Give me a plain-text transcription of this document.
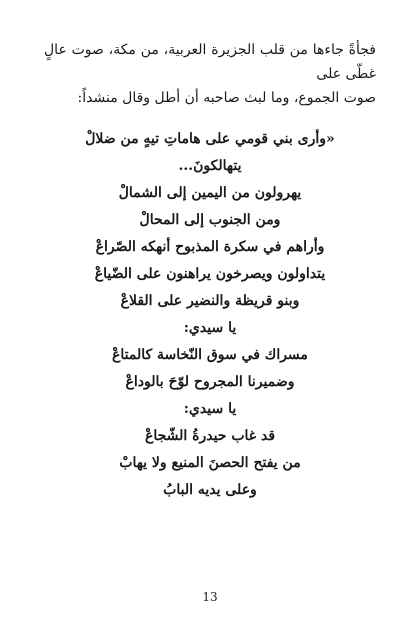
فجأةً جاءها من قلب الجزيرة العربية، من مكة، صوت عالٍ غطّى على

صوت الجموع، وما لبث صاحبه أن أطل وقال منشداً:

«وأرى بني قومي على هاماتِ تيهٍ من ضلالْ
يتهالكونَ...
يهرولون من اليمين إلى الشمالْ
ومن الجنوب إلى المحالْ
وأراهم في سكرة المذبوح أنهكه الصّراعْ
يتداولون ويصرخون يراهنون على الضّياعْ
وبنو قريظة والنضير على القلاعْ
يا سيدي:
مسراك في سوق النّخاسة كالمتاعْ
وضميرنا المجروح لوّحَ بالوداعْ
يا سيدي:
قد غاب حيدرةُ الشّجاعْ
من يفتح الحصنَ المنيع ولا يهابْ
وعلى يديه البابُ
13
